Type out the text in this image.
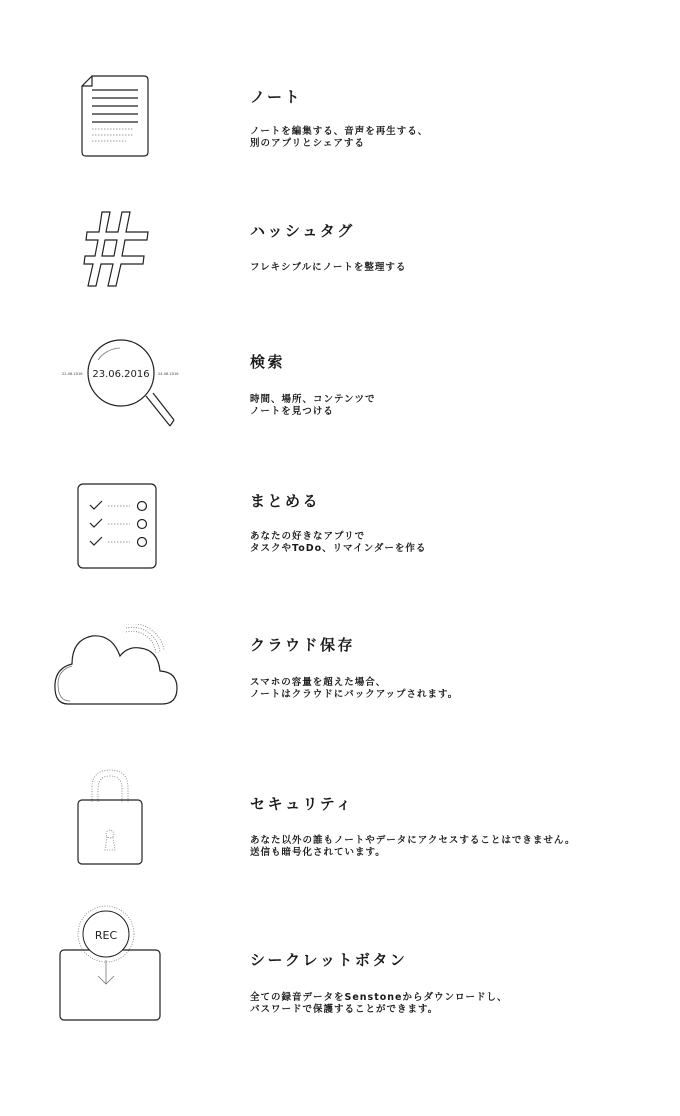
ノート
ノートを編集する、音声を再生する、
別のアプリとシェアする
ハッシュタグ
フレキシブルにノートを整理する
23.06.2016
22.06.2016	24.06.2016
検索
時間、場所、コンテンツで
ノートを見つける
まとめる
あなたの好きなアプリで
タスクやToDo、リマインダーを作る
クラウド保存
スマホの容量を超えた場合、
ノートはクラウドにバックアップされます。
セキュリティ
あなた以外の誰もノートやデータにアクセスすることはできません。
送信も暗号化されています。
REC
シークレットボタン
全ての録音データをSenstoneからダウンロードし、
パスワードで保護することができます。
